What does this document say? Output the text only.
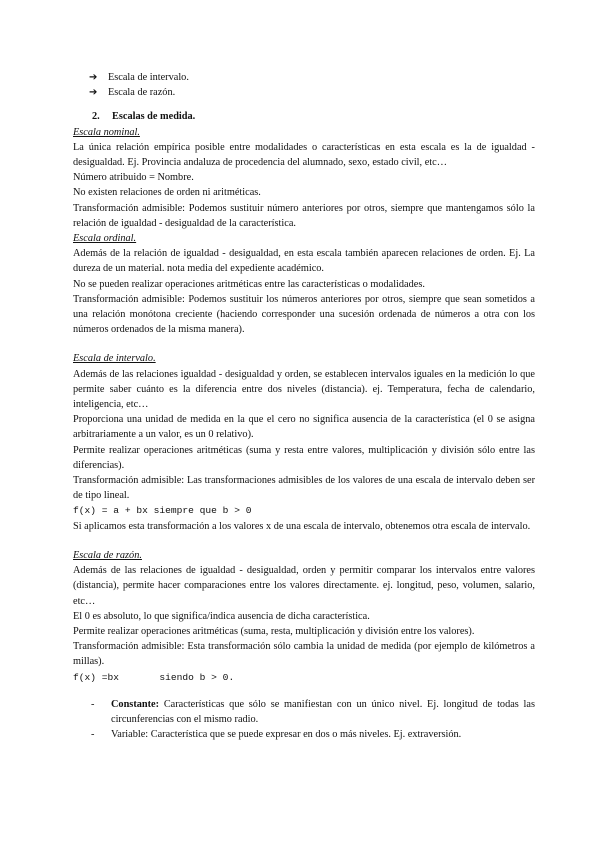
➔ Escala de intervalo.
➔ Escala de razón.
2. Escalas de medida.
Escala nominal.

La única relación empírica posible entre modalidades o características en esta escala es la de igualdad - desigualdad. Ej. Provincia andaluza de procedencia del alumnado, sexo, estado civil, etc…

Número atribuido = Nombre.

No existen relaciones de orden ni aritméticas.

Transformación admisible: Podemos sustituir número anteriores por otros, siempre que mantengamos sólo la relación de igualdad - desigualdad de la característica.

Escala ordinal.

Además de la relación de igualdad - desigualdad, en esta escala también aparecen relaciones de orden. Ej. La dureza de un material. nota media del expediente académico.

No se pueden realizar operaciones aritméticas entre las características o modalidades.

Transformación admisible: Podemos sustituir los números anteriores por otros, siempre que sean sometidos a una relación monótona creciente (haciendo corresponder una sucesión ordenada de números a otra con los números ordenados de la misma manera).

Escala de intervalo.

Además de las relaciones igualdad - desigualdad y orden, se establecen intervalos iguales en la medición lo que permite saber cuánto es la diferencia entre dos niveles (distancia). ej. Temperatura, fecha de calendario, inteligencia, etc…

Proporciona una unidad de medida en la que el cero no significa ausencia de la característica (el 0 se asigna arbitrariamente a un valor, es un 0 relativo).

Permite realizar operaciones aritméticas (suma y resta entre valores, multiplicación y división sólo entre las diferencias).

Transformación admisible: Las transformaciones admisibles de los valores de una escala de intervalo deben ser de tipo lineal.

f(x) = a + bx siempre que b > 0

Si aplicamos esta transformación a los valores x de una escala de intervalo, obtenemos otra escala de intervalo.

Escala de razón.

Además de las relaciones de igualdad - desigualdad, orden y permitir comparar los intervalos entre valores (distancia), permite hacer comparaciones entre los valores directamente. ej. longitud, peso, volumen, salario, etc…

El 0 es absoluto, lo que significa/indica ausencia de dicha característica.

Permite realizar operaciones aritméticas (suma, resta, multiplicación y división entre los valores).

Transformación admisible: Esta transformación sólo cambia la unidad de medida (por ejemplo de kilómetros a millas).

f(x) =bx       siendo b > 0.

- Constante: Características que sólo se manifiestan con un único nivel. Ej. longitud de todas las circunferencias con el mismo radio.
- Variable: Característica que se puede expresar en dos o más niveles. Ej. extraversión.
